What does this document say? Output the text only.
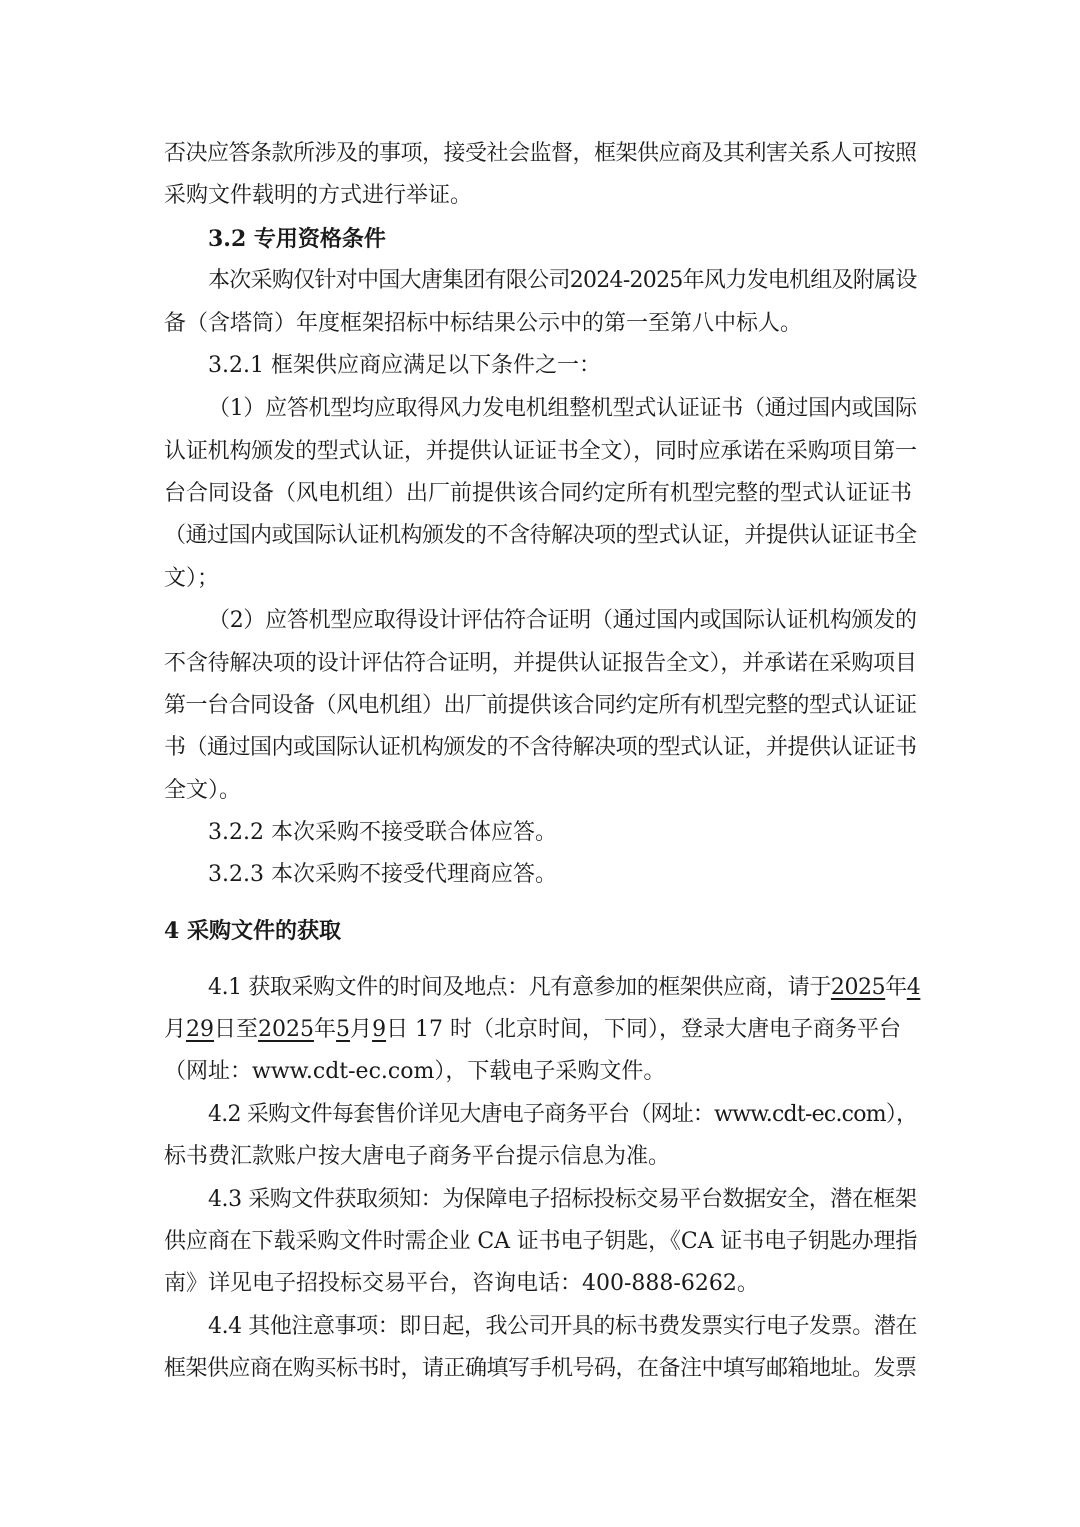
否决应答条款所涉及的事项，接受社会监督，框架供应商及其利害关系人可按照
采购文件载明的方式进行举证。
3.2 专用资格条件
本次采购仅针对中国大唐集团有限公司2024-2025年风力发电机组及附属设
备（含塔筒）年度框架招标中标结果公示中的第一至第八中标人。
3.2.1 框架供应商应满足以下条件之一：
（1）应答机型均应取得风力发电机组整机型式认证证书（通过国内或国际
认证机构颁发的型式认证，并提供认证证书全文），同时应承诺在采购项目第一
台合同设备（风电机组）出厂前提供该合同约定所有机型完整的型式认证证书
（通过国内或国际认证机构颁发的不含待解决项的型式认证，并提供认证证书全
文）；
（2）应答机型应取得设计评估符合证明（通过国内或国际认证机构颁发的
不含待解决项的设计评估符合证明，并提供认证报告全文），并承诺在采购项目
第一台合同设备（风电机组）出厂前提供该合同约定所有机型完整的型式认证证
书（通过国内或国际认证机构颁发的不含待解决项的型式认证，并提供认证证书
全文）。
3.2.2 本次采购不接受联合体应答。
3.2.3 本次采购不接受代理商应答。
4 采购文件的获取
4.1 获取采购文件的时间及地点：凡有意参加的框架供应商，请于2025年4
月29日至2025年5月9日 17 时（北京时间，下同），登录大唐电子商务平台
（网址：www.cdt-ec.com），下载电子采购文件。
4.2 采购文件每套售价详见大唐电子商务平台（网址：www.cdt-ec.com），
标书费汇款账户按大唐电子商务平台提示信息为准。
4.3 采购文件获取须知：为保障电子招标投标交易平台数据安全，潜在框架
供应商在下载采购文件时需企业 CA 证书电子钥匙，《CA 证书电子钥匙办理指
南》详见电子招投标交易平台，咨询电话：400-888-6262。
4.4 其他注意事项：即日起，我公司开具的标书费发票实行电子发票。潜在
框架供应商在购买标书时，请正确填写手机号码，在备注中填写邮箱地址。发票
